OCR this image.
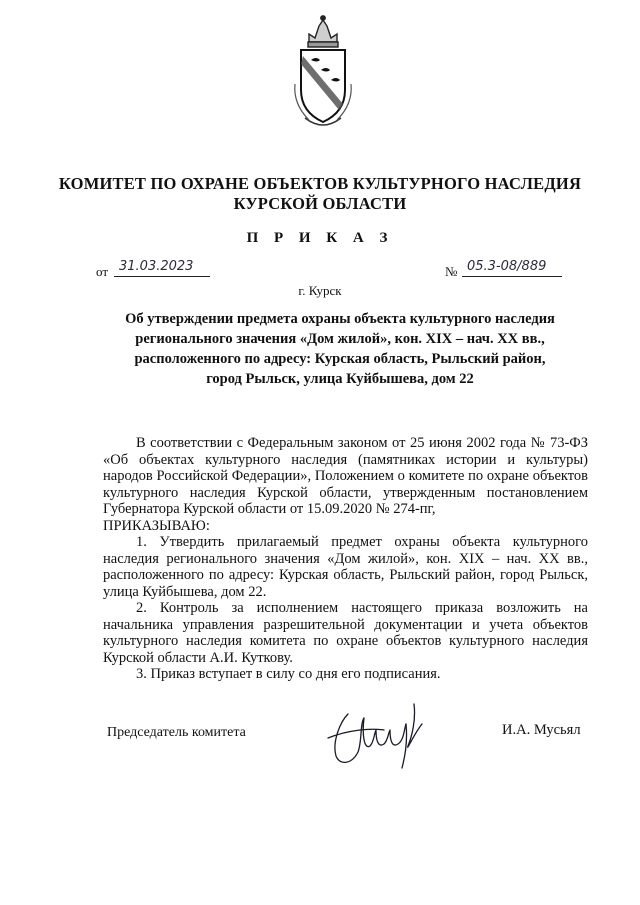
КОМИТЕТ ПО ОХРАНЕ ОБЪЕКТОВ КУЛЬТУРНОГО НАСЛЕДИЯ
КУРСКОЙ ОБЛАСТИ
П Р И К А З
от 31.03.2023	№ 05.3-08/889
г. Курск
Об утверждении предмета охраны объекта культурного наследия
регионального значения «Дом жилой», кон. XIX – нач. XX вв.,
расположенного по адресу: Курская область, Рыльский район,
город Рыльск, улица Куйбышева, дом 22

В соответствии с Федеральным законом от 25 июня 2002 года № 73-ФЗ «Об объектах культурного наследия (памятниках истории и культуры) народов Российской Федерации», Положением о комитете по охране объектов культурного наследия Курской области, утвержденным постановлением Губернатора Курской области от 15.09.2020 № 274-пг,

ПРИКАЗЫВАЮ:

1. Утвердить прилагаемый предмет охраны объекта культурного наследия регионального значения «Дом жилой», кон. XIX – нач. XX вв., расположенного по адресу: Курская область, Рыльский район, город Рыльск, улица Куйбышева, дом 22.

2. Контроль за исполнением настоящего приказа возложить на начальника управления разрешительной документации и учета объектов культурного наследия комитета по охране объектов культурного наследия Курской области А.И. Куткову.

3. Приказ вступает в силу со дня его подписания.

Председатель комитета	И.А. Мусьял
